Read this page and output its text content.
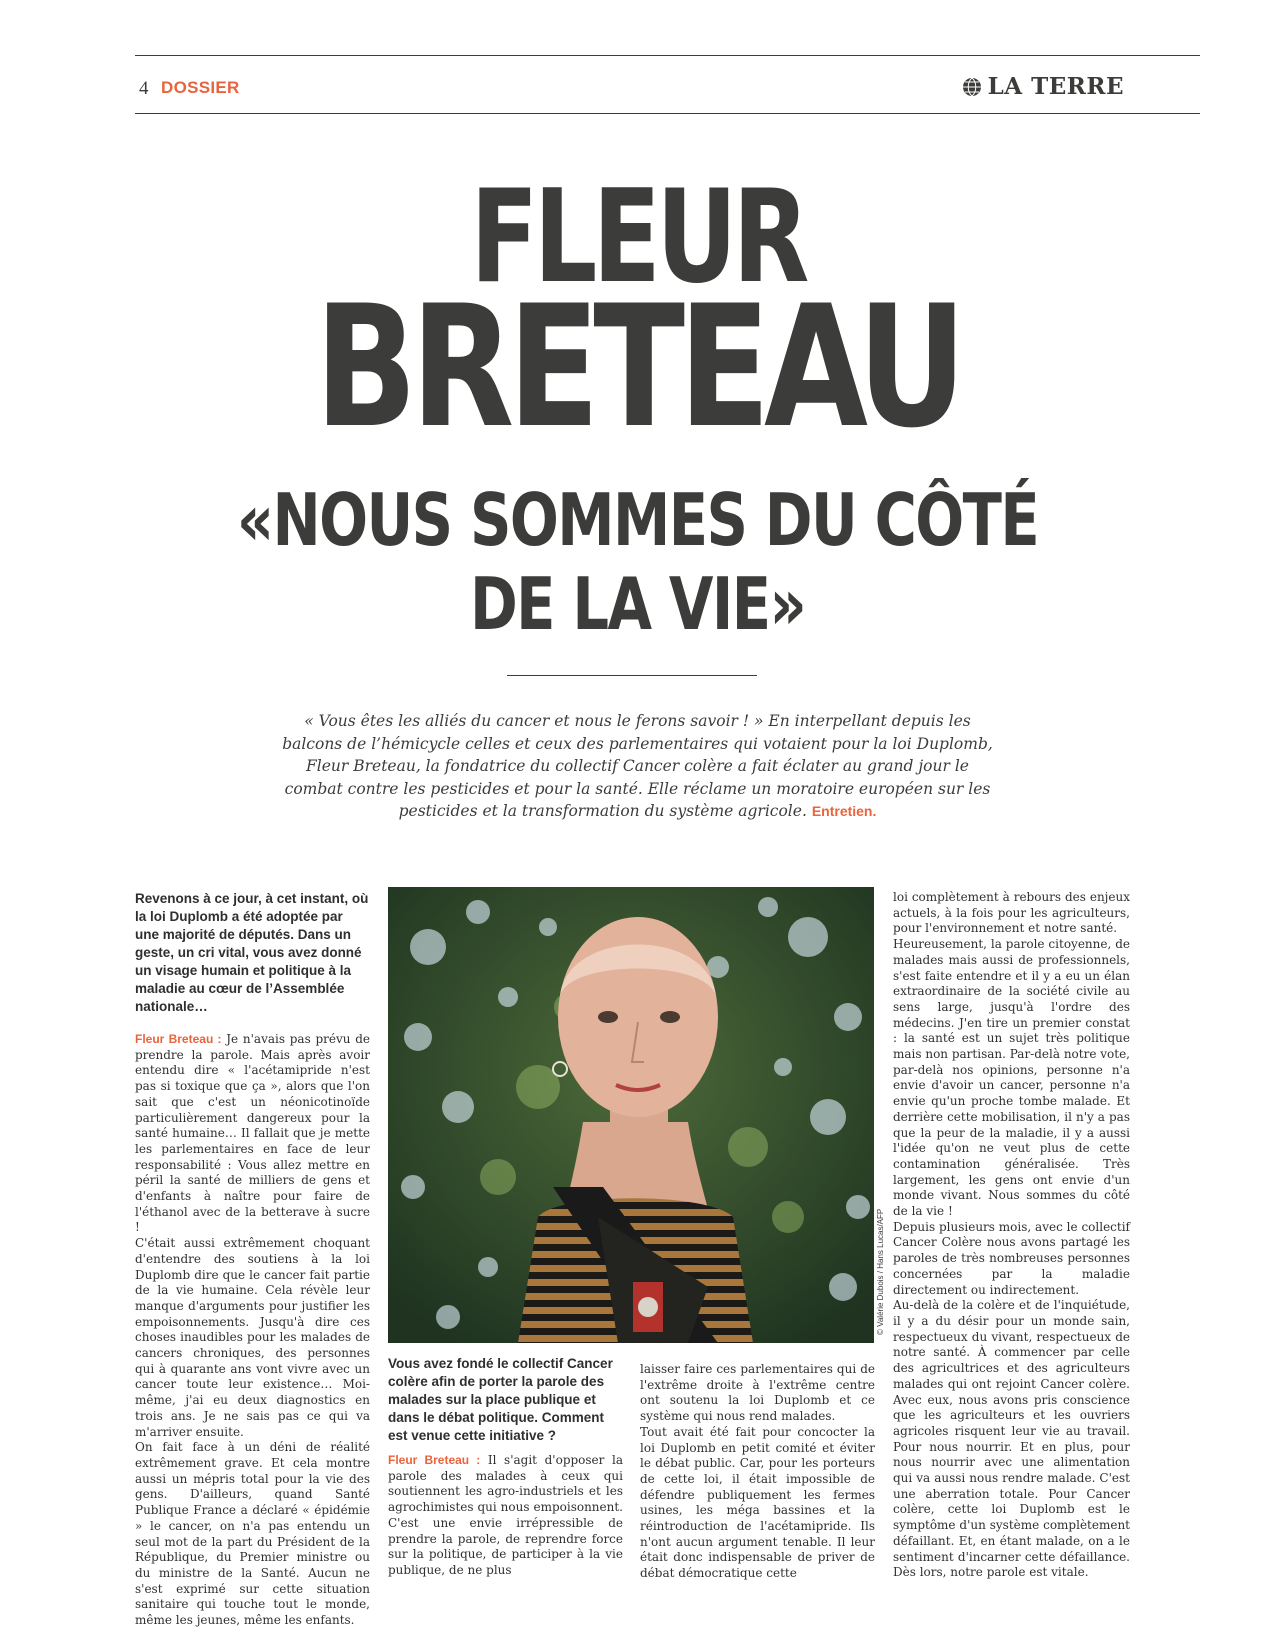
4 DOSSIER	LA TERRE
FLEUR
BRETEAU
«NOUS SOMMES DU CÔTÉ
DE LA VIE»
« Vous êtes les alliés du cancer et nous le ferons savoir ! » En interpellant depuis les balcons de l’hémicycle celles et ceux des parlementaires qui votaient pour la loi Duplomb, Fleur Breteau, la fondatrice du collectif Cancer colère a fait éclater au grand jour le combat contre les pesticides et pour la santé. Elle réclame un moratoire européen sur les pesticides et la transformation du système agricole. Entretien.

Revenons à ce jour, à cet instant, où la loi Duplomb a été adoptée par une majorité de députés. Dans un geste, un cri vital, vous avez donné un visage humain et politique à la maladie au cœur de l’Assemblée nationale…

Fleur Breteau : Je n'avais pas prévu de prendre la parole. Mais après avoir entendu dire « l'acétamipride n'est pas si toxique que ça », alors que l'on sait que c'est un néonicotinoïde particulièrement dangereux pour la santé humaine… Il fallait que je mette les parlementaires en face de leur responsabilité : Vous allez mettre en péril la santé de milliers de gens et d'enfants à naître pour faire de l'éthanol avec de la betterave à sucre !

C'était aussi extrêmement choquant d'entendre des soutiens à la loi Duplomb dire que le cancer fait partie de la vie humaine. Cela révèle leur manque d'arguments pour justifier les empoisonnements. Jusqu'à dire ces choses inaudibles pour les malades de cancers chroniques, des personnes qui à quarante ans vont vivre avec un cancer toute leur existence… Moi-même, j'ai eu deux diagnostics en trois ans. Je ne sais pas ce qui va m'arriver ensuite.

On fait face à un déni de réalité extrêmement grave. Et cela montre aussi un mépris total pour la vie des gens. D'ailleurs, quand Santé Publique France a déclaré « épidémie » le cancer, on n'a pas entendu un seul mot de la part du Président de la République, du Premier ministre ou du ministre de la Santé. Aucun ne s'est exprimé sur cette situation sanitaire qui touche tout le monde, même les jeunes, même les enfants.

© Valérie Dubois / Hans Lucas/AFP

Vous avez fondé le collectif Cancer colère afin de porter la parole des malades sur la place publique et dans le débat politique. Comment est venue cette initiative ?

Fleur Breteau : Il s'agit d'opposer la parole des malades à ceux qui soutiennent les agro-industriels et les agrochimistes qui nous empoisonnent. C'est une envie irrépressible de prendre la parole, de reprendre force sur la politique, de participer à la vie publique, de ne plus

laisser faire ces parlementaires qui de l'extrême droite à l'extrême centre ont soutenu la loi Duplomb et ce système qui nous rend malades.

Tout avait été fait pour concocter la loi Duplomb en petit comité et éviter le débat public. Car, pour les porteurs de cette loi, il était impossible de défendre publiquement les fermes usines, les méga bassines et la réintroduction de l'acétamipride. Ils n'ont aucun argument tenable. Il leur était donc indispensable de priver de débat démocratique cette

loi complètement à rebours des enjeux actuels, à la fois pour les agriculteurs, pour l'environnement et notre santé.

Heureusement, la parole citoyenne, de malades mais aussi de professionnels, s'est faite entendre et il y a eu un élan extraordinaire de la société civile au sens large, jusqu'à l'ordre des médecins. J'en tire un premier constat : la santé est un sujet très politique mais non partisan. Par-delà notre vote, par-delà nos opinions, personne n'a envie d'avoir un cancer, personne n'a envie qu'un proche tombe malade. Et derrière cette mobilisation, il n'y a pas que la peur de la maladie, il y a aussi l'idée qu'on ne veut plus de cette contamination généralisée. Très largement, les gens ont envie d'un monde vivant. Nous sommes du côté de la vie !

Depuis plusieurs mois, avec le collectif Cancer Colère nous avons partagé les paroles de très nombreuses personnes concernées par la maladie directement ou indirectement.

Au-delà de la colère et de l'inquiétude, il y a du désir pour un monde sain, respectueux du vivant, respectueux de notre santé. À commencer par celle des agricultrices et des agriculteurs malades qui ont rejoint Cancer colère. Avec eux, nous avons pris conscience que les agriculteurs et les ouvriers agricoles risquent leur vie au travail. Pour nous nourrir. Et en plus, pour nous nourrir avec une alimentation qui va aussi nous rendre malade. C'est une aberration totale. Pour Cancer colère, cette loi Duplomb est le symptôme d'un système complètement défaillant. Et, en étant malade, on a le sentiment d'incarner cette défaillance. Dès lors, notre parole est vitale.
